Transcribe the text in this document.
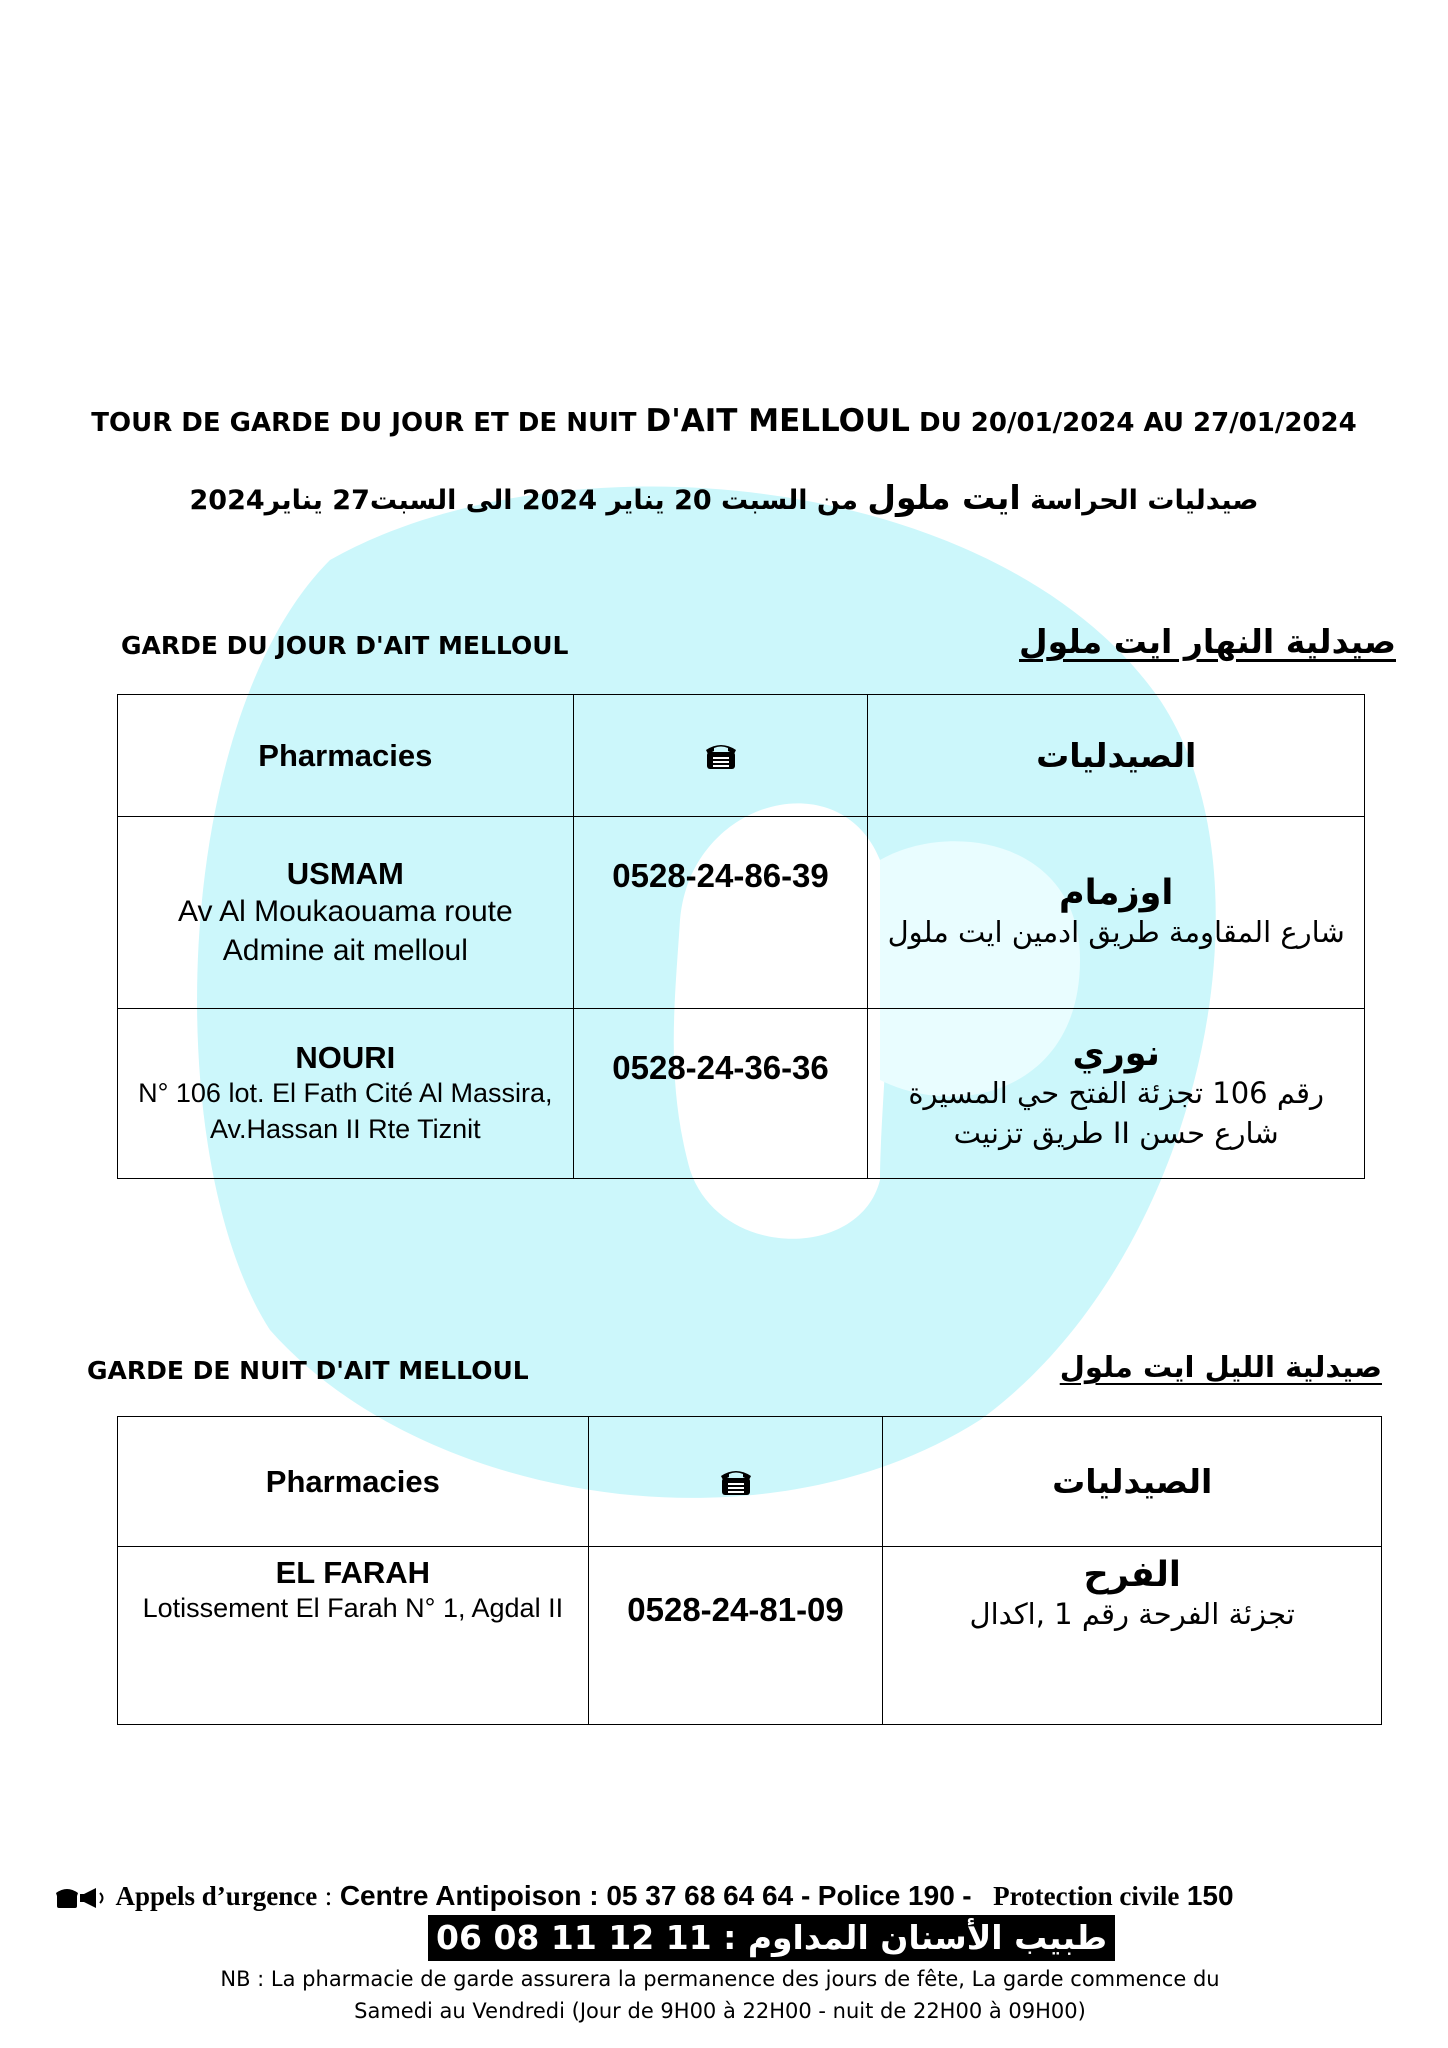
TOUR DE GARDE DU JOUR ET DE NUIT D'AIT MELLOUL DU 20/01/2024 AU 27/01/2024
صيدليات الحراسة ايت ملول من السبت 20 يناير 2024 الى السبت27 يناير2024
GARDE DU JOUR D'AIT MELLOUL	صيدلية النهار ايت ملول
Pharmacies		الصيدليات

USMAM
Av Al Moukaouama route Admine ait melloul	0528-24-86-39	اوزمام
شارع المقاومة طريق ادمين ايت ملول

NOURI
N° 106 lot. El Fath Cité Al Massira, Av.Hassan II Rte Tiznit	0528-24-36-36	نوري
رقم 106 تجزئة الفتح حي المسيرة شارع حسن II طريق تزنيت
GARDE DE NUIT D'AIT MELLOUL	صيدلية الليل ايت ملول
Pharmacies		الصيدليات

EL FARAH
Lotissement El Farah N° 1, Agdal II	0528-24-81-09	الفرح
تجزئة الفرحة رقم 1 ,اكدال
Appels d’urgence : Centre Antipoison : 05 37 68 64 64 - Police 190 - Protection civile 150
طبيب الأسنان المداوم : 11 12 11 08 06
NB : La pharmacie de garde assurera la permanence des jours de fête, La garde commence du
Samedi au Vendredi (Jour de 9H00 à 22H00 - nuit de 22H00 à 09H00)
